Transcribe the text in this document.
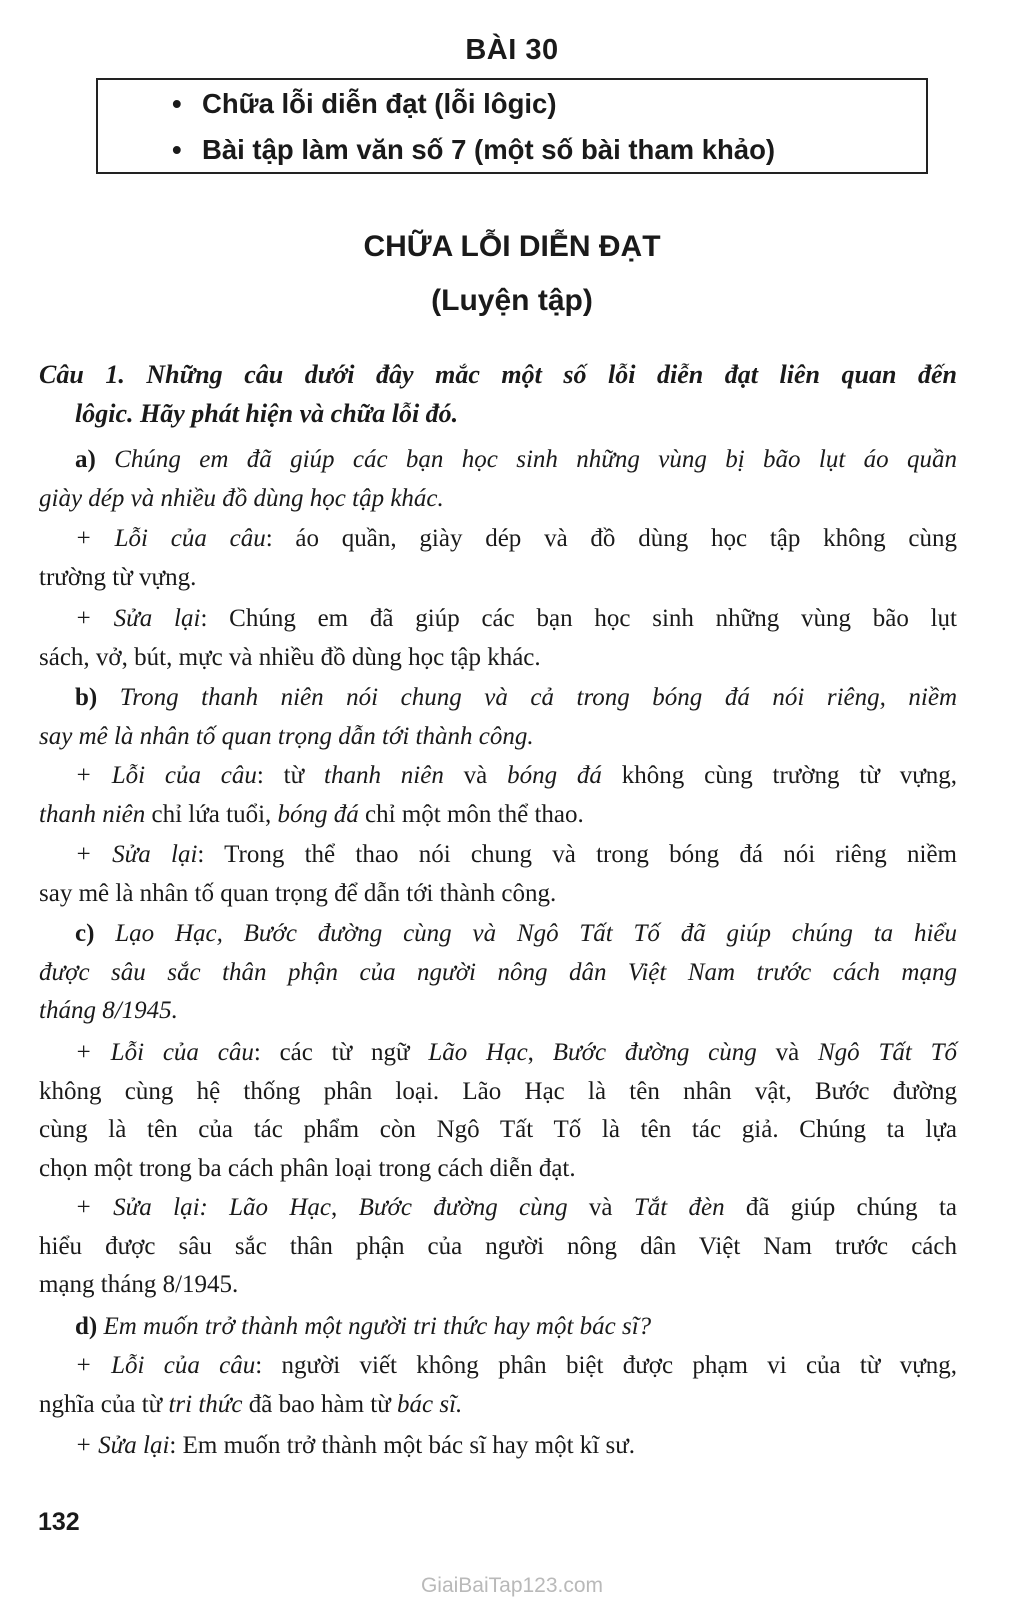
BÀI 30
• Chữa lỗi diễn đạt (lỗi lôgic)
• Bài tập làm văn số 7 (một số bài tham khảo)
CHỮA LỖI DIỄN ĐẠT
(Luyện tập)
Câu 1. Những câu dưới đây mắc một số lỗi diễn đạt liên quan đến
lôgic. Hãy phát hiện và chữa lỗi đó.
a) Chúng em đã giúp các bạn học sinh những vùng bị bão lụt áo quần
giày dép và nhiều đồ dùng học tập khác.
+ Lỗi của câu: áo quần, giày dép và đồ dùng học tập không cùng
trường từ vựng.
+ Sửa lại: Chúng em đã giúp các bạn học sinh những vùng bão lụt
sách, vở, bút, mực và nhiều đồ dùng học tập khác.
b) Trong thanh niên nói chung và cả trong bóng đá nói riêng, niềm
say mê là nhân tố quan trọng dẫn tới thành công.
+ Lỗi của câu: từ thanh niên và bóng đá không cùng trường từ vựng,
thanh niên chỉ lứa tuổi, bóng đá chỉ một môn thể thao.
+ Sửa lại: Trong thể thao nói chung và trong bóng đá nói riêng niềm
say mê là nhân tố quan trọng để dẫn tới thành công.
c) Lạo Hạc, Bước đường cùng và Ngô Tất Tố đã giúp chúng ta hiểu
được sâu sắc thân phận của người nông dân Việt Nam trước cách mạng
tháng 8/1945.
+ Lỗi của câu: các từ ngữ Lão Hạc, Bước đường cùng và Ngô Tất Tố
không cùng hệ thống phân loại. Lão Hạc là tên nhân vật, Bước đường
cùng là tên của tác phẩm còn Ngô Tất Tố là tên tác giả. Chúng ta lựa
chọn một trong ba cách phân loại trong cách diễn đạt.
+ Sửa lại: Lão Hạc, Bước đường cùng và Tắt đèn đã giúp chúng ta
hiểu được sâu sắc thân phận của người nông dân Việt Nam trước cách
mạng tháng 8/1945.
d) Em muốn trở thành một người tri thức hay một bác sĩ?
+ Lỗi của câu: người viết không phân biệt được phạm vi của từ vựng,
nghĩa của từ tri thức đã bao hàm từ bác sĩ.
+ Sửa lại: Em muốn trở thành một bác sĩ hay một kĩ sư.
132
GiaiBaiTap123.com
